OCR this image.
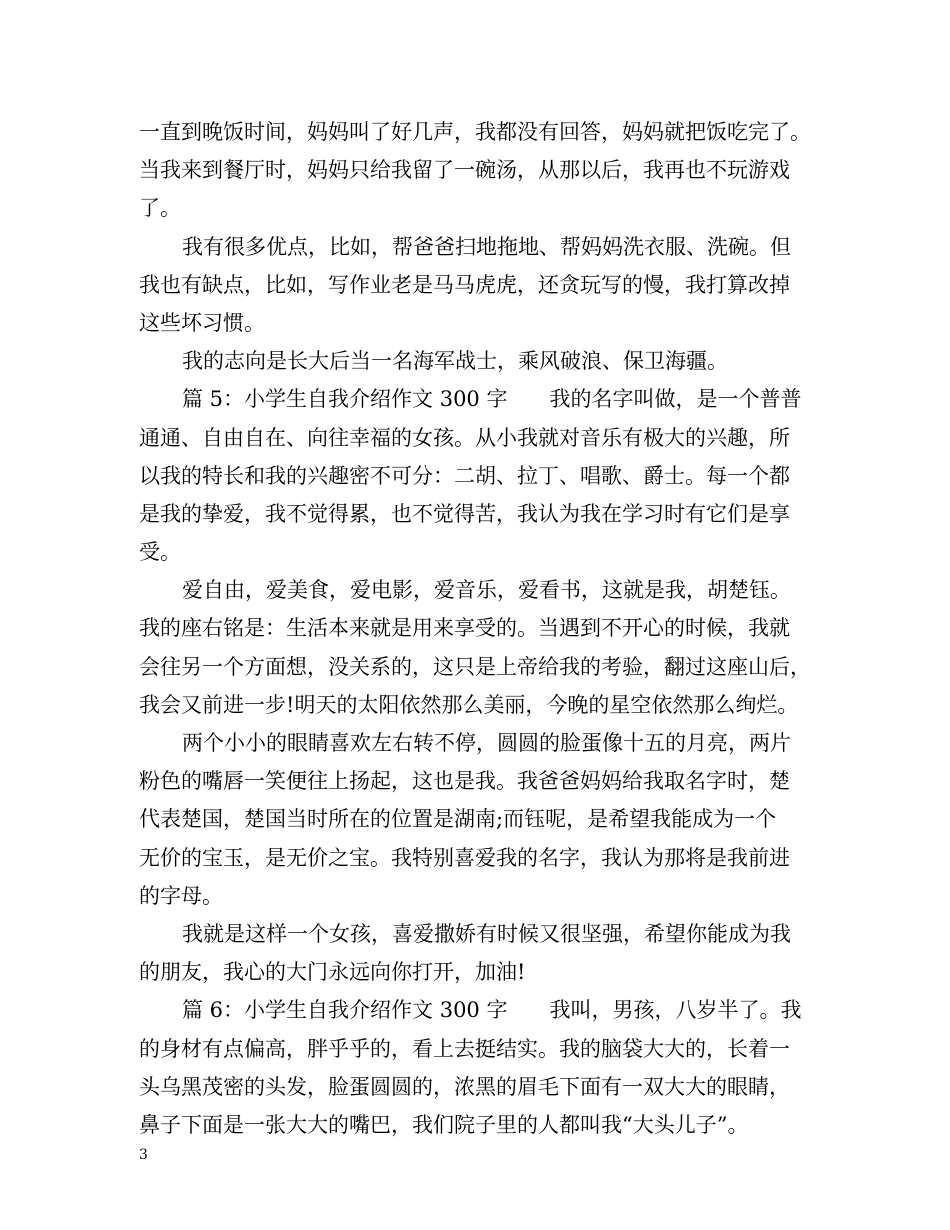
一直到晚饭时间，妈妈叫了好几声，我都没有回答，妈妈就把饭吃完了。
当我来到餐厅时，妈妈只给我留了一碗汤，从那以后，我再也不玩游戏
了。
我有很多优点，比如，帮爸爸扫地拖地、帮妈妈洗衣服、洗碗。但
我也有缺点，比如，写作业老是马马虎虎，还贪玩写的慢，我打算改掉
这些坏习惯。
我的志向是长大后当一名海军战士，乘风破浪、保卫海疆。
篇 5：小学生自我介绍作文 300 字　　我的名字叫做，是一个普普
通通、自由自在、向往幸福的女孩。从小我就对音乐有极大的兴趣，所
以我的特长和我的兴趣密不可分：二胡、拉丁、唱歌、爵士。每一个都
是我的挚爱，我不觉得累，也不觉得苦，我认为我在学习时有它们是享
受。
爱自由，爱美食，爱电影，爱音乐，爱看书，这就是我，胡楚钰。
我的座右铭是：生活本来就是用来享受的。当遇到不开心的时候，我就
会往另一个方面想，没关系的，这只是上帝给我的考验，翻过这座山后，
我会又前进一步!明天的太阳依然那么美丽，今晚的星空依然那么绚烂。
两个小小的眼睛喜欢左右转不停，圆圆的脸蛋像十五的月亮，两片
粉色的嘴唇一笑便往上扬起，这也是我。我爸爸妈妈给我取名字时，楚
代表楚国，楚国当时所在的位置是湖南;而钰呢，是希望我能成为一个
无价的宝玉，是无价之宝。我特别喜爱我的名字，我认为那将是我前进
的字母。
我就是这样一个女孩，喜爱撒娇有时候又很坚强，希望你能成为我
的朋友，我心的大门永远向你打开，加油!
篇 6：小学生自我介绍作文 300 字　　我叫，男孩，八岁半了。我
的身材有点偏高，胖乎乎的，看上去挺结实。我的脑袋大大的，长着一
头乌黑茂密的头发，脸蛋圆圆的，浓黑的眉毛下面有一双大大的眼睛，
鼻子下面是一张大大的嘴巴，我们院子里的人都叫我“大头儿子”。
3
